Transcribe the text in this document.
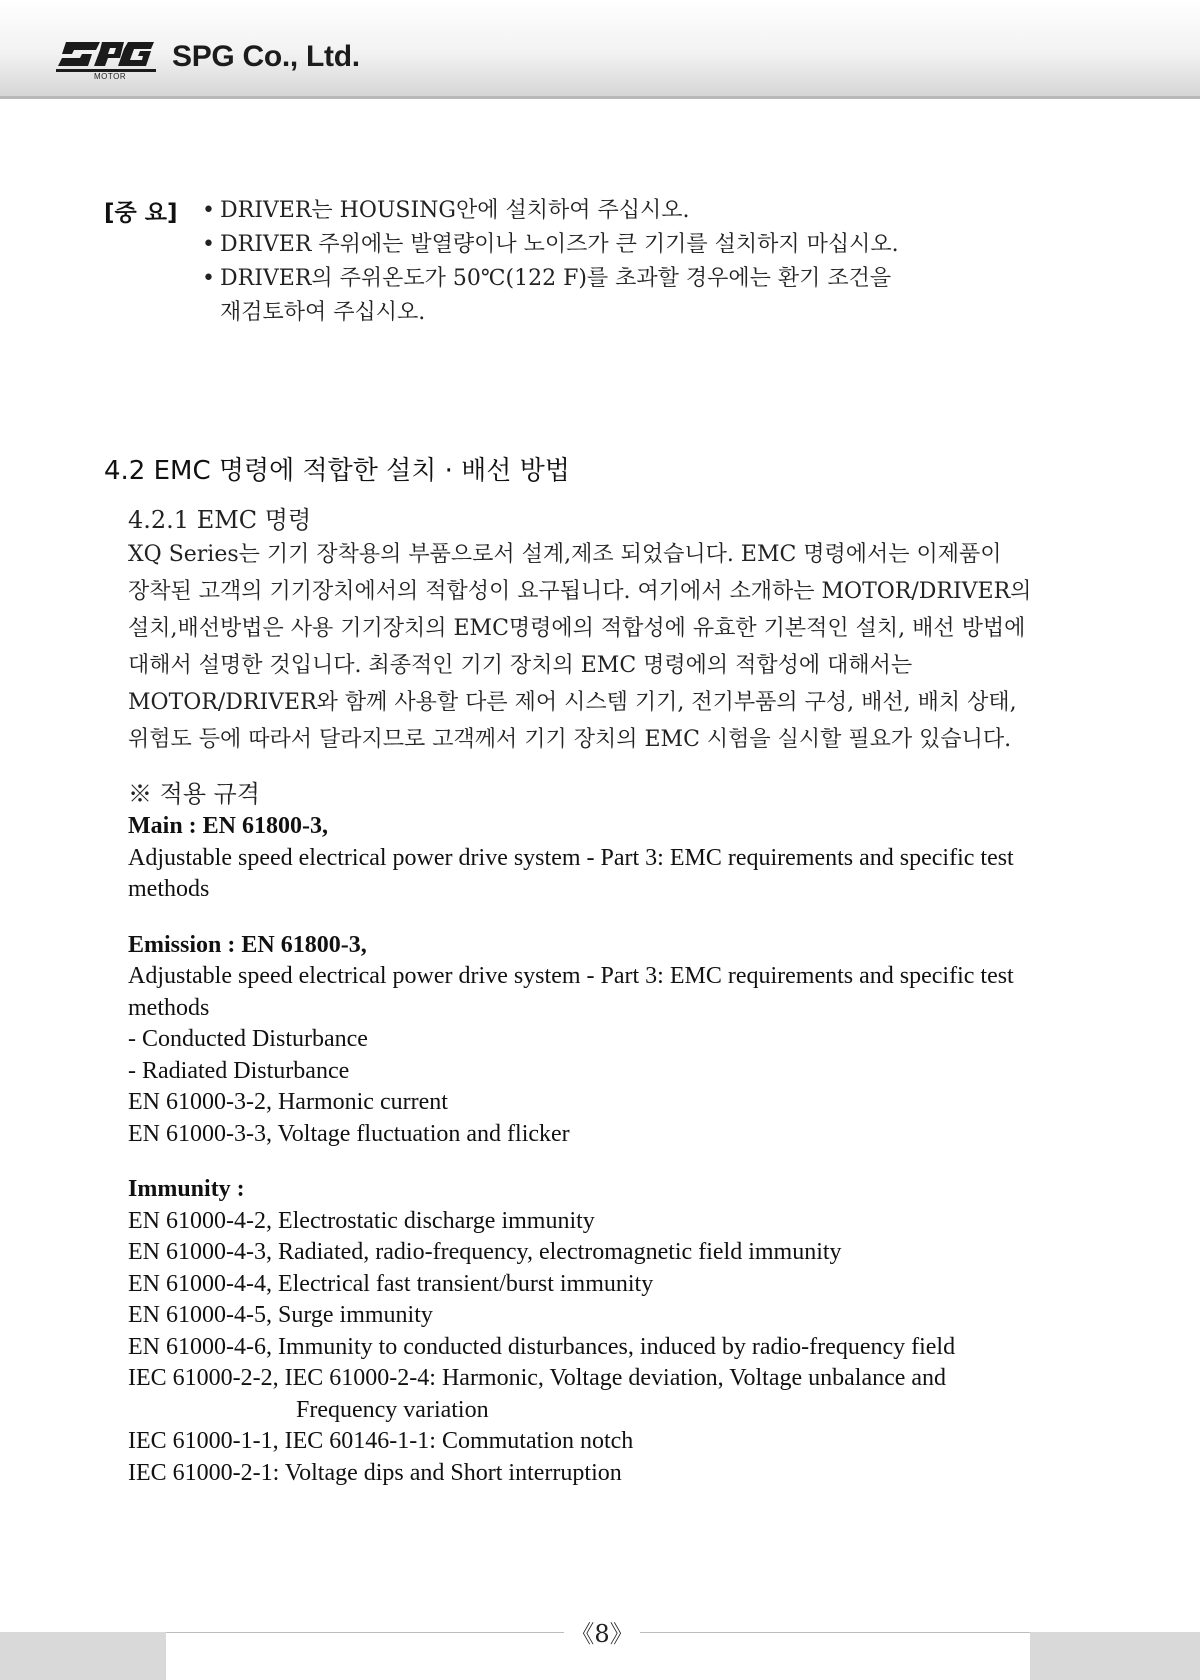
MOTOR
SPG Co., Ltd.
[중 요] • DRIVER는 HOUSING안에 설치하여 주십시오.
• DRIVER 주위에는 발열량이나 노이즈가 큰 기기를 설치하지 마십시오.
• DRIVER의 주위온도가 50℃(122 F)를 초과할 경우에는 환기 조건을
재검토하여 주십시오.
4.2 EMC 명령에 적합한 설치 · 배선 방법
4.2.1 EMC 명령
XQ Series는 기기 장착용의 부품으로서 설계,제조 되었습니다. EMC 명령에서는 이제품이
장착된 고객의 기기장치에서의 적합성이 요구됩니다. 여기에서 소개하는 MOTOR/DRIVER의
설치,배선방법은 사용 기기장치의 EMC명령에의 적합성에 유효한 기본적인 설치, 배선 방법에
대해서 설명한 것입니다. 최종적인 기기 장치의 EMC 명령에의 적합성에 대해서는
MOTOR/DRIVER와 함께 사용할 다른 제어 시스템 기기, 전기부품의 구성, 배선, 배치 상태,
위험도 등에 따라서 달라지므로 고객께서 기기 장치의 EMC 시험을 실시할 필요가 있습니다.
※ 적용 규격
Main : EN 61800-3,
Adjustable speed electrical power drive system - Part 3: EMC requirements and specific test
methods
Emission : EN 61800-3,
Adjustable speed electrical power drive system - Part 3: EMC requirements and specific test
methods
- Conducted Disturbance
- Radiated Disturbance
EN 61000-3-2, Harmonic current
EN 61000-3-3, Voltage fluctuation and flicker
Immunity :
EN 61000-4-2, Electrostatic discharge immunity
EN 61000-4-3, Radiated, radio-frequency, electromagnetic field immunity
EN 61000-4-4, Electrical fast transient/burst immunity
EN 61000-4-5, Surge immunity
EN 61000-4-6, Immunity to conducted disturbances, induced by radio-frequency field
IEC 61000-2-2, IEC 61000-2-4: Harmonic, Voltage deviation, Voltage unbalance and
Frequency variation
IEC 61000-1-1, IEC 60146-1-1: Commutation notch
IEC 61000-2-1: Voltage dips and Short interruption
《8》
